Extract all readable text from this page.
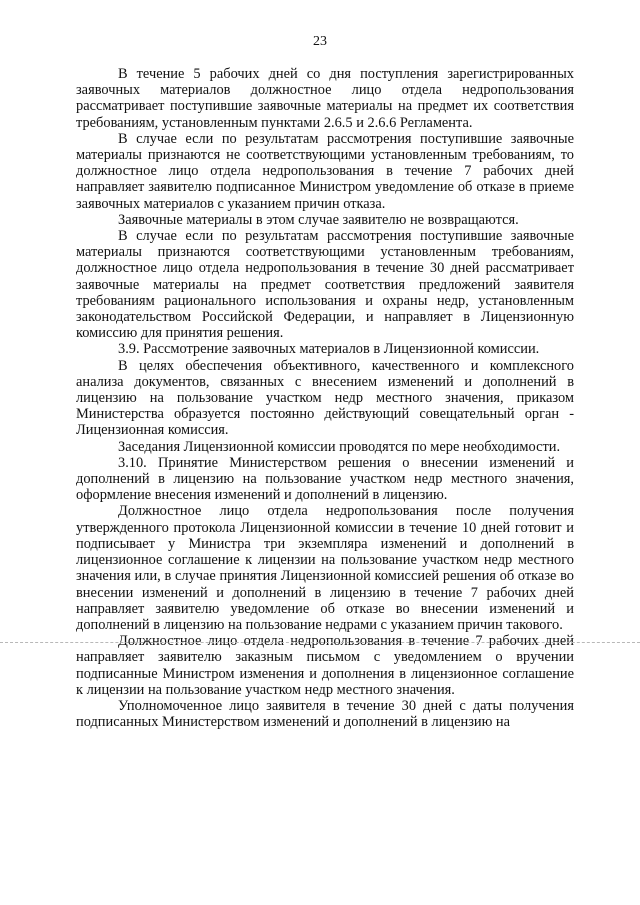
23

В течение 5 рабочих дней со дня поступления зарегистрированных заявочных материалов должностное лицо отдела недропользования рассматривает поступившие заявочные материалы на предмет их соответствия требованиям, установленным пунктами 2.6.5 и 2.6.6 Регламента.

В случае если по результатам рассмотрения поступившие заявочные материалы признаются не соответствующими установленным требованиям, то должностное лицо отдела недропользования в течение 7 рабочих дней направляет заявителю подписанное Министром уведомление об отказе в приеме заявочных материалов с указанием причин отказа.

Заявочные материалы в этом случае заявителю не возвращаются.

В случае если по результатам рассмотрения поступившие заявочные материалы признаются соответствующими установленным требованиям, должностное лицо отдела недропользования в течение 30 дней рассматривает заявочные материалы на предмет соответствия предложений заявителя требованиям рационального использования и охраны недр, установленным законодательством Российской Федерации, и направляет в Лицензионную комиссию для принятия решения.

3.9. Рассмотрение заявочных материалов в Лицензионной комиссии.

В целях обеспечения объективного, качественного и комплексного анализа документов, связанных с внесением изменений и дополнений в лицензию на пользование участком недр местного значения, приказом Министерства образуется постоянно действующий совещательный орган - Лицензионная комиссия.

Заседания Лицензионной комиссии проводятся по мере необходимости.

3.10. Принятие Министерством решения о внесении изменений и дополнений в лицензию на пользование участком недр местного значения, оформление внесения изменений и дополнений в лицензию.

Должностное лицо отдела недропользования после получения утвержденного протокола Лицензионной комиссии в течение 10 дней готовит и подписывает у Министра три экземпляра изменений и дополнений в лицензионное соглашение к лицензии на пользование участком недр местного значения или, в случае принятия Лицензионной комиссией решения об отказе во внесении изменений и дополнений в лицензию в течение 7 рабочих дней направляет заявителю уведомление об отказе во внесении изменений и дополнений в лицензию на пользование недрами с указанием причин такового.

Должностное лицо отдела недропользования в течение 7 рабочих дней направляет заявителю заказным письмом с уведомлением о вручении подписанные Министром изменения и дополнения в лицензионное соглашение к лицензии на пользование участком недр местного значения.

Уполномоченное лицо заявителя в течение 30 дней с даты получения подписанных Министерством изменений и дополнений в лицензию на
